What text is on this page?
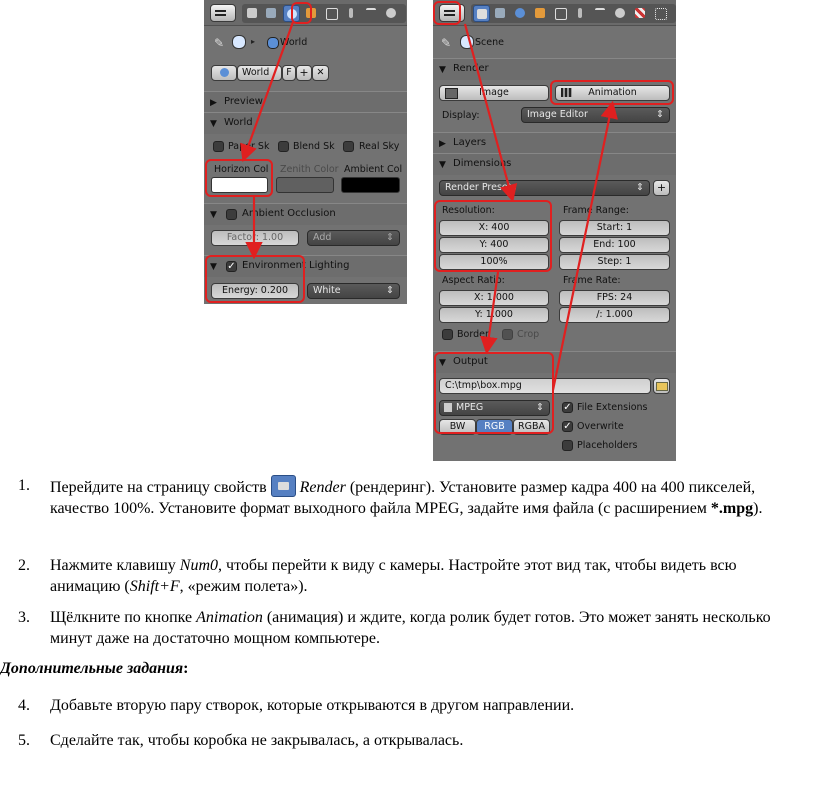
✎	▸	World
World	F + ✕
▶ Preview
▼ World
Paper Sk Blend Sk	Real Sky
Horizon Col Zenith Color Ambient Col
▼	Ambient Occlusion
Factor: 1.00	Add	⇕
▼ ✓ Environment Lighting
Energy: 0.200	White	⇕
✎	Scene
▼ Render
Image	Animation
Display:	Image Editor	⇕
▶ Layers
▼ Dimensions
Render Presets	⇕	+
Resolution:
X: 400
Y: 400
100%
Frame Range:
Start: 1
End: 100
Step: 1
Aspect Ratio:
X: 1.000
Y: 1.000
Frame Rate:
FPS: 24
/: 1.000
Border	Crop
▼ Output
C:\tmp\box.mpg
MPEG	⇕
BW	RGB	RGBA
✓ File Extensions
✓ Overwrite
Placeholders
1. Перейдите на страницу свойств
Render (рендеринг). Установите размер кадра 400 на 400 пикселей, качество 100%. Установите формат выходного файла MPEG, задайте имя файла (с расширением *.mpg).
2. Нажмите клавишу Num0, чтобы перейти к виду с камеры. Настройте этот вид так, чтобы видеть всю анимацию (Shift+F, «режим полета»).
3. Щёлкните по кнопке Animation (анимация) и ждите, когда ролик будет готов. Это может занять несколько минут даже на достаточно мощном компьютере.
Дополнительные задания:
4. Добавьте вторую пару створок, которые открываются в другом направлении.
5. Сделайте так, чтобы коробка не закрывалась, а открывалась.
